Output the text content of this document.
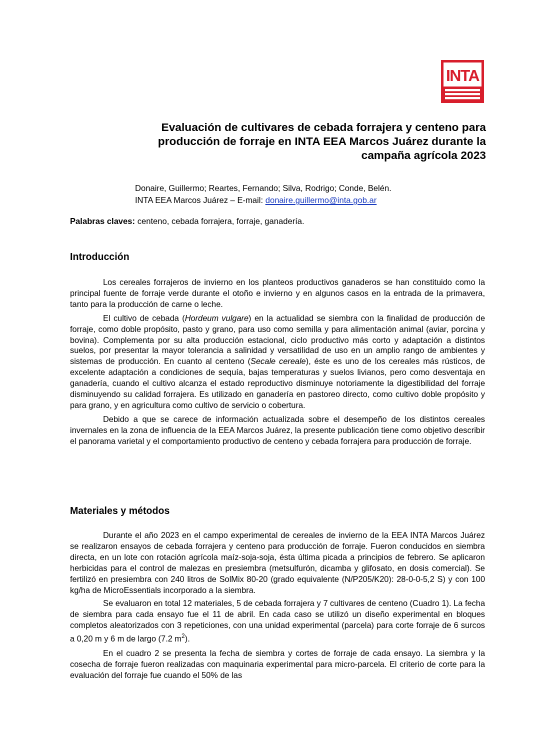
INTA
Evaluación de cultivares de cebada forrajera y centeno para producción de forraje en INTA EEA Marcos Juárez durante la campaña agrícola 2023
Donaire, Guillermo; Reartes, Fernando; Silva, Rodrigo; Conde, Belén.
INTA EEA Marcos Juárez – E-mail: donaire.guillermo@inta.gob.ar
Palabras claves: centeno, cebada forrajera, forraje, ganadería.
Introducción

Los cereales forrajeros de invierno en los planteos productivos ganaderos se han constituido como la principal fuente de forraje verde durante el otoño e invierno y en algunos casos en la entrada de la primavera, tanto para la producción de carne o leche.

El cultivo de cebada (Hordeum vulgare) en la actualidad se siembra con la finalidad de producción de forraje, como doble propósito, pasto y grano, para uso como semilla y para alimentación animal (aviar, porcina y bovina). Complementa por su alta producción estacional, ciclo productivo más corto y adaptación a distintos suelos, por presentar la mayor tolerancia a salinidad y versatilidad de uso en un amplio rango de ambientes y sistemas de producción. En cuanto al centeno (Secale cereale), éste es uno de los cereales más rústicos, de excelente adaptación a condiciones de sequía, bajas temperaturas y suelos livianos, pero como desventaja en ganadería, cuando el cultivo alcanza el estado reproductivo disminuye notoriamente la digestibilidad del forraje disminuyendo su calidad forrajera. Es utilizado en ganadería en pastoreo directo, como cultivo doble propósito y para grano, y en agricultura como cultivo de servicio o cobertura.

Debido a que se carece de información actualizada sobre el desempeño de los distintos cereales invernales en la zona de influencia de la EEA Marcos Juárez, la presente publicación tiene como objetivo describir el panorama varietal y el comportamiento productivo de centeno y cebada forrajera para producción de forraje.

Materiales y métodos

Durante el año 2023 en el campo experimental de cereales de invierno de la EEA INTA Marcos Juárez se realizaron ensayos de cebada forrajera y centeno para producción de forraje. Fueron conducidos en siembra directa, en un lote con rotación agrícola maíz-soja-soja, ésta última picada a principios de febrero. Se aplicaron herbicidas para el control de malezas en presiembra (metsulfurón, dicamba y glifosato, en dosis comercial). Se fertilizó en presiembra con 240 litros de SolMix 80-20 (grado equivalente (N/P205/K20): 28-0-0-5,2 S) y con 100 kg/ha de MicroEssentials incorporado a la siembra.

Se evaluaron en total 12 materiales, 5 de cebada forrajera y 7 cultivares de centeno (Cuadro 1). La fecha de siembra para cada ensayo fue el 11 de abril. En cada caso se utilizó un diseño experimental en bloques completos aleatorizados con 3 repeticiones, con una unidad experimental (parcela) para corte forraje de 6 surcos a 0,20 m y 6 m de largo (7.2 $m^2$).

En el cuadro 2 se presenta la fecha de siembra y cortes de forraje de cada ensayo. La siembra y la cosecha de forraje fueron realizadas con maquinaria experimental para micro-parcela. El criterio de corte para la evaluación del forraje fue cuando el 50% de las
